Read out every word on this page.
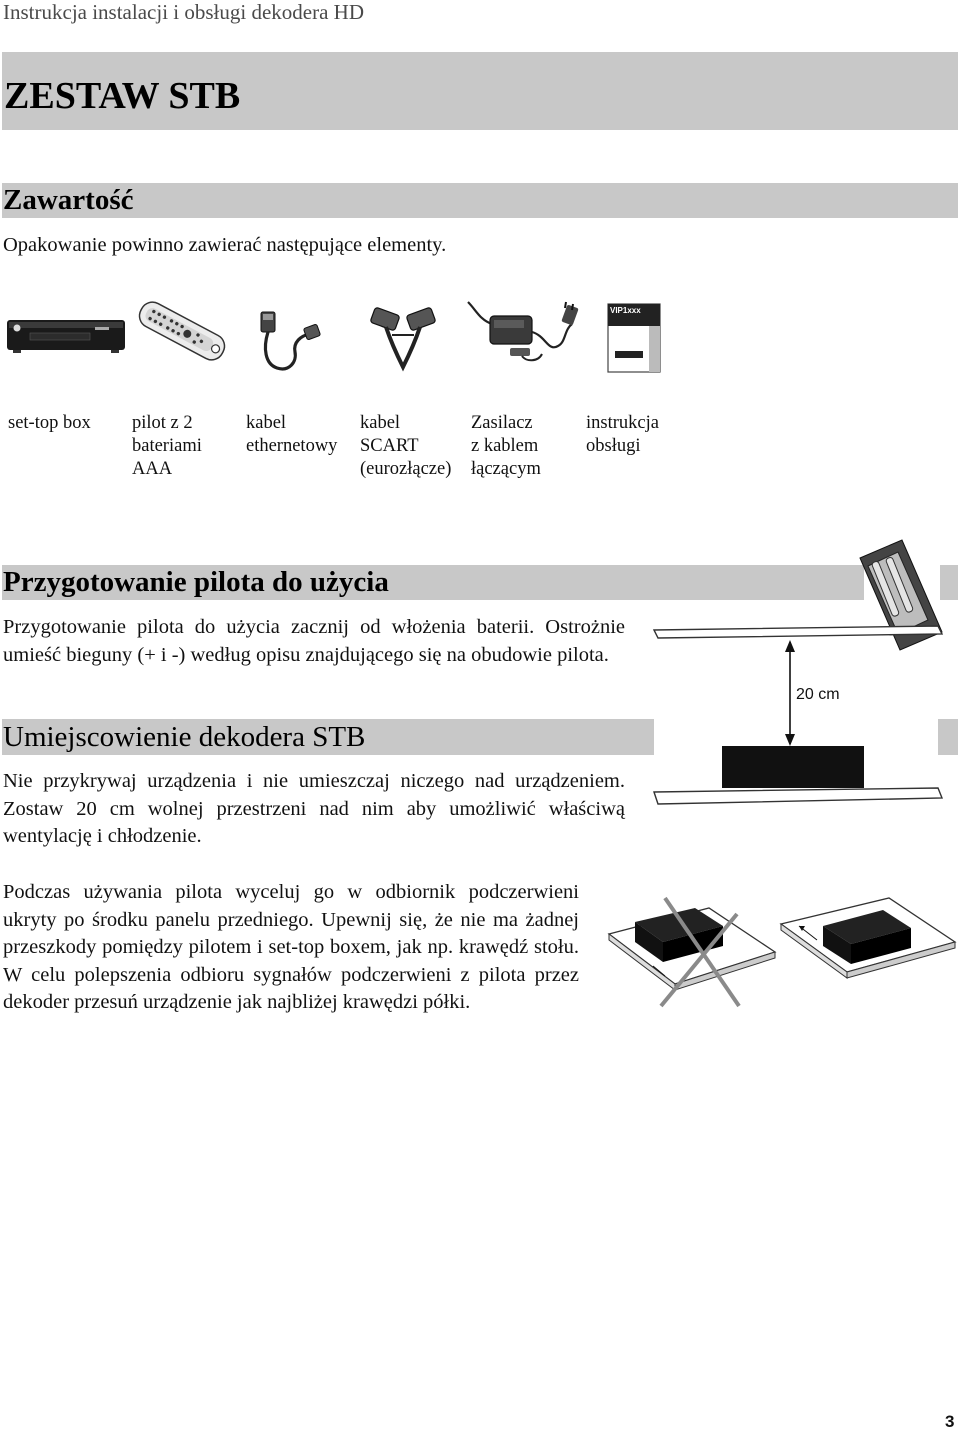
Instrukcja instalacji i obsługi dekodera HD
ZESTAW STB
Zawartość
Opakowanie powinno zawierać następujące elementy.
VIP1xxx
set-top box pilot z 2
bateriami
AAA
kabel
ethernetowy
kabel
SCART
(eurozłącze)
Zasilacz
z kablem
łączącym
instrukcja
obsługi
Przygotowanie pilota do użycia
Przygotowanie pilota do użycia zacznij od włożenia baterii. Ostrożnie umieść bieguny (+ i -) według opisu znajdującego się na obudowie pilota.
Umiejscowienie dekodera STB
Nie przykrywaj urządzenia i nie umieszczaj niczego nad urządzeniem. Zostaw 20 cm wolnej przestrzeni nad nim aby umożliwić właściwą wentylację i chłodzenie.
20 cm
Podczas używania pilota wyceluj go w odbiornik podczerwieni ukryty po środku panelu przedniego. Upewnij się, że nie ma żadnej przeszkody pomiędzy pilotem i set-top boxem, jak np. krawędź stołu. W celu polepszenia odbioru sygnałów podczerwieni z pilota przez dekoder przesuń urządzenie jak najbliżej krawędzi półki.
3
